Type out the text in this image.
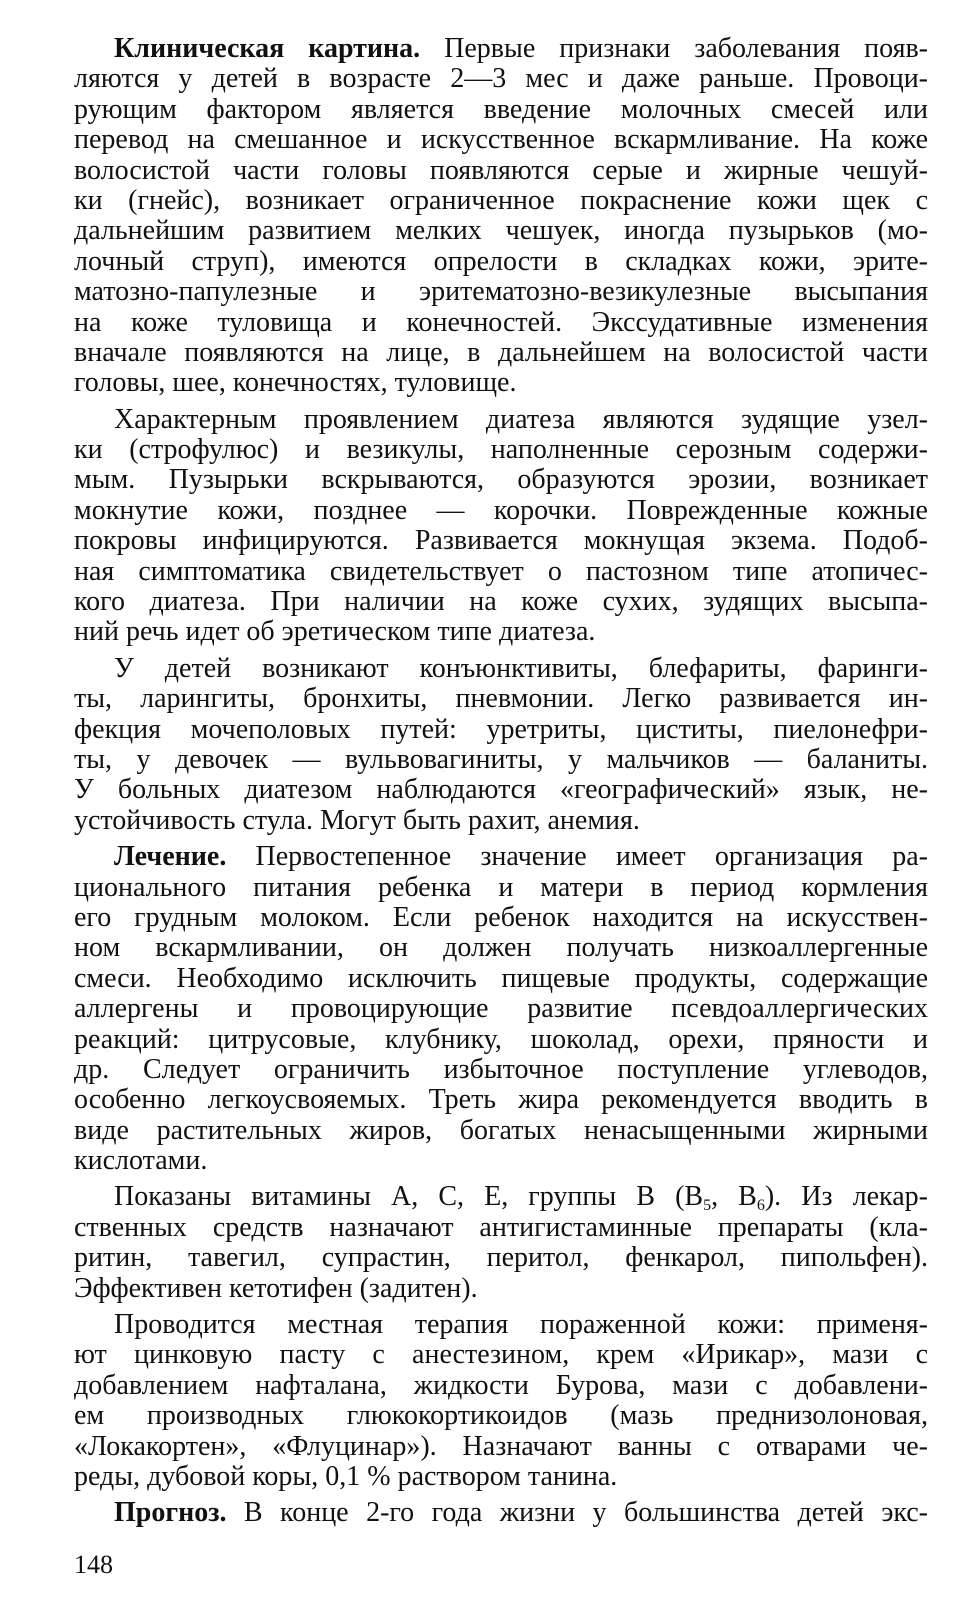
Клиническая картина. Первые признаки заболевания появ-
ляются у детей в возрасте 2—3 мес и даже раньше. Провоци-
рующим фактором является введение молочных смесей или
перевод на смешанное и искусственное вскармливание. На коже
волосистой части головы появляются серые и жирные чешуй-
ки (гнейс), возникает ограниченное покраснение кожи щек с
дальнейшим развитием мелких чешуек, иногда пузырьков (мо-
лочный струп), имеются опрелости в складках кожи, эрите-
матозно-папулезные и эритематозно-везикулезные высыпания
на коже туловища и конечностей. Экссудативные изменения
вначале появляются на лице, в дальнейшем на волосистой части
головы, шее, конечностях, туловище.
Характерным проявлением диатеза являются зудящие узел-
ки (строфулюс) и везикулы, наполненные серозным содержи-
мым. Пузырьки вскрываются, образуются эрозии, возникает
мокнутие кожи, позднее — корочки. Поврежденные кожные
покровы инфицируются. Развивается мокнущая экзема. Подоб-
ная симптоматика свидетельствует о пастозном типе атопичес-
кого диатеза. При наличии на коже сухих, зудящих высыпа-
ний речь идет об эретическом типе диатеза.
У детей возникают конъюнктивиты, блефариты, фаринги-
ты, ларингиты, бронхиты, пневмонии. Легко развивается ин-
фекция мочеполовых путей: уретриты, циститы, пиелонефри-
ты, у девочек — вульвовагиниты, у мальчиков — баланиты.
У больных диатезом наблюдаются «географический» язык, не-
устойчивость стула. Могут быть рахит, анемия.
Лечение. Первостепенное значение имеет организация ра-
ционального питания ребенка и матери в период кормления
его грудным молоком. Если ребенок находится на искусствен-
ном вскармливании, он должен получать низкоаллергенные
смеси. Необходимо исключить пищевые продукты, содержащие
аллергены и провоцирующие развитие псевдоаллергических
реакций: цитрусовые, клубнику, шоколад, орехи, пряности и
др. Следует ограничить избыточное поступление углеводов,
особенно легкоусвояемых. Треть жира рекомендуется вводить в
виде растительных жиров, богатых ненасыщенными жирными
кислотами.
Показаны витамины А, С, Е, группы В ($В_5$, $В_6$). Из лекар-
ственных средств назначают антигистаминные препараты (кла-
ритин, тавегил, супрастин, перитол, фенкарол, пипольфен).
Эффективен кетотифен (задитен).
Проводится местная терапия пораженной кожи: применя-
ют цинковую пасту с анестезином, крем «Ирикар», мази с
добавлением нафталана, жидкости Бурова, мази с добавлени-
ем производных глюкокортикоидов (мазь преднизолоновая,
«Локакортен», «Флуцинар»). Назначают ванны с отварами че-
реды, дубовой коры, 0,1 % раствором танина.
Прогноз. В конце 2-го года жизни у большинства детей экс-
148
